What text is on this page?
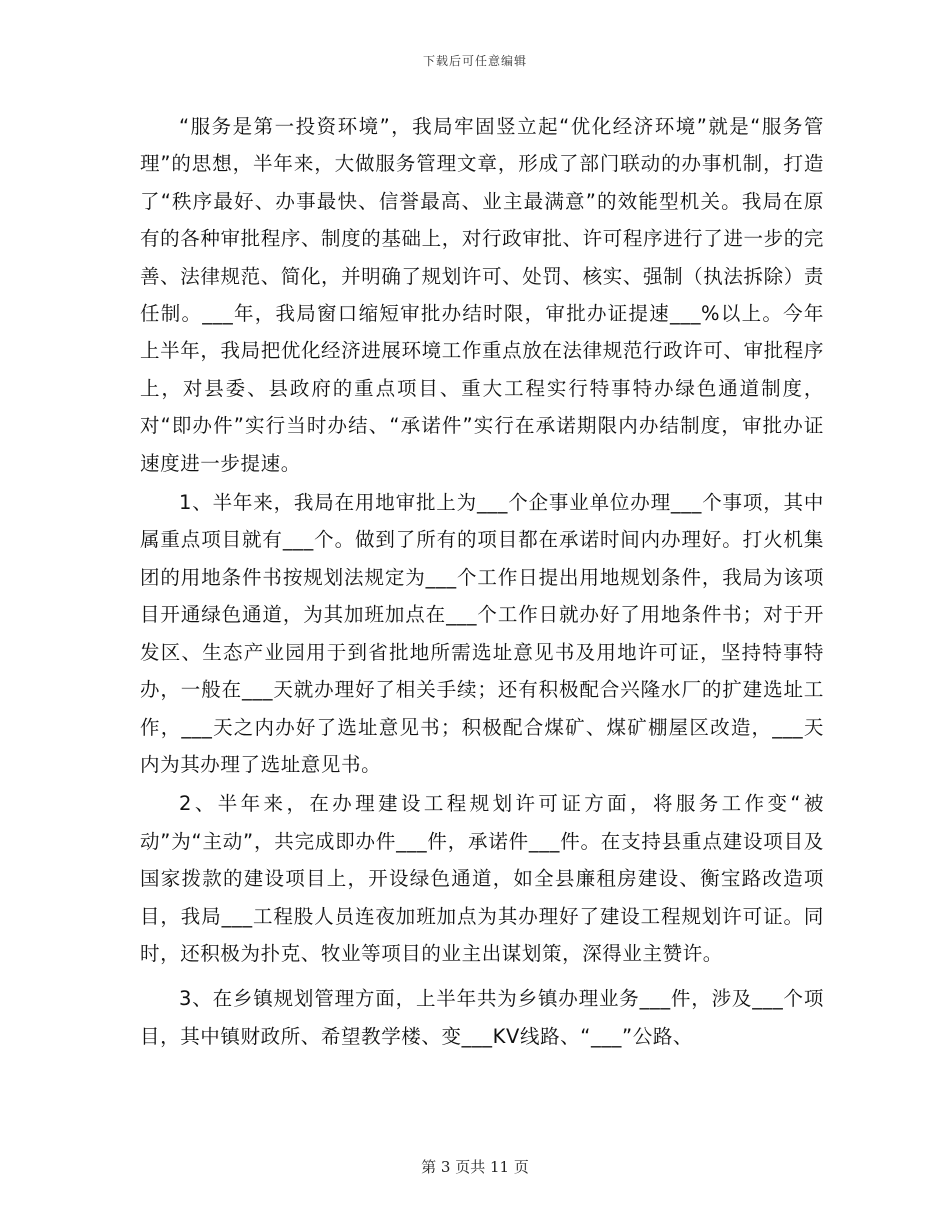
下载后可任意编辑

“服务是第一投资环境”，我局牢固竖立起“优化经济环境”就是“服务管理”的思想，半年来，大做服务管理文章，形成了部门联动的办事机制，打造了“秩序最好、办事最快、信誉最高、业主最满意”的效能型机关。我局在原有的各种审批程序、制度的基础上，对行政审批、许可程序进行了进一步的完善、法律规范、简化，并明确了规划许可、处罚、核实、强制（执法拆除）责任制。___年，我局窗口缩短审批办结时限，审批办证提速___%以上。今年上半年，我局把优化经济进展环境工作重点放在法律规范行政许可、审批程序上，对县委、县政府的重点项目、重大工程实行特事特办绿色通道制度，对“即办件”实行当时办结、“承诺件”实行在承诺期限内办结制度，审批办证速度进一步提速。

1、半年来，我局在用地审批上为___个企事业单位办理___个事项，其中属重点项目就有___个。做到了所有的项目都在承诺时间内办理好。打火机集团的用地条件书按规划法规定为___个工作日提出用地规划条件，我局为该项目开通绿色通道，为其加班加点在___个工作日就办好了用地条件书；对于开发区、生态产业园用于到省批地所需选址意见书及用地许可证，坚持特事特办，一般在___天就办理好了相关手续；还有积极配合兴隆水厂的扩建选址工作，___天之内办好了选址意见书；积极配合煤矿、煤矿棚屋区改造，___天内为其办理了选址意见书。

2、半年来，在办理建设工程规划许可证方面，将服务工作变“被动”为“主动”，共完成即办件___件，承诺件___件。在支持县重点建设项目及国家拨款的建设项目上，开设绿色通道，如全县廉租房建设、衡宝路改造项目，我局___工程股人员连夜加班加点为其办理好了建设工程规划许可证。同时，还积极为扑克、牧业等项目的业主出谋划策，深得业主赞许。

3、在乡镇规划管理方面，上半年共为乡镇办理业务___件，涉及___个项目，其中镇财政所、希望教学楼、变___KV线路、“___”公路、

第 3 页共 11 页
